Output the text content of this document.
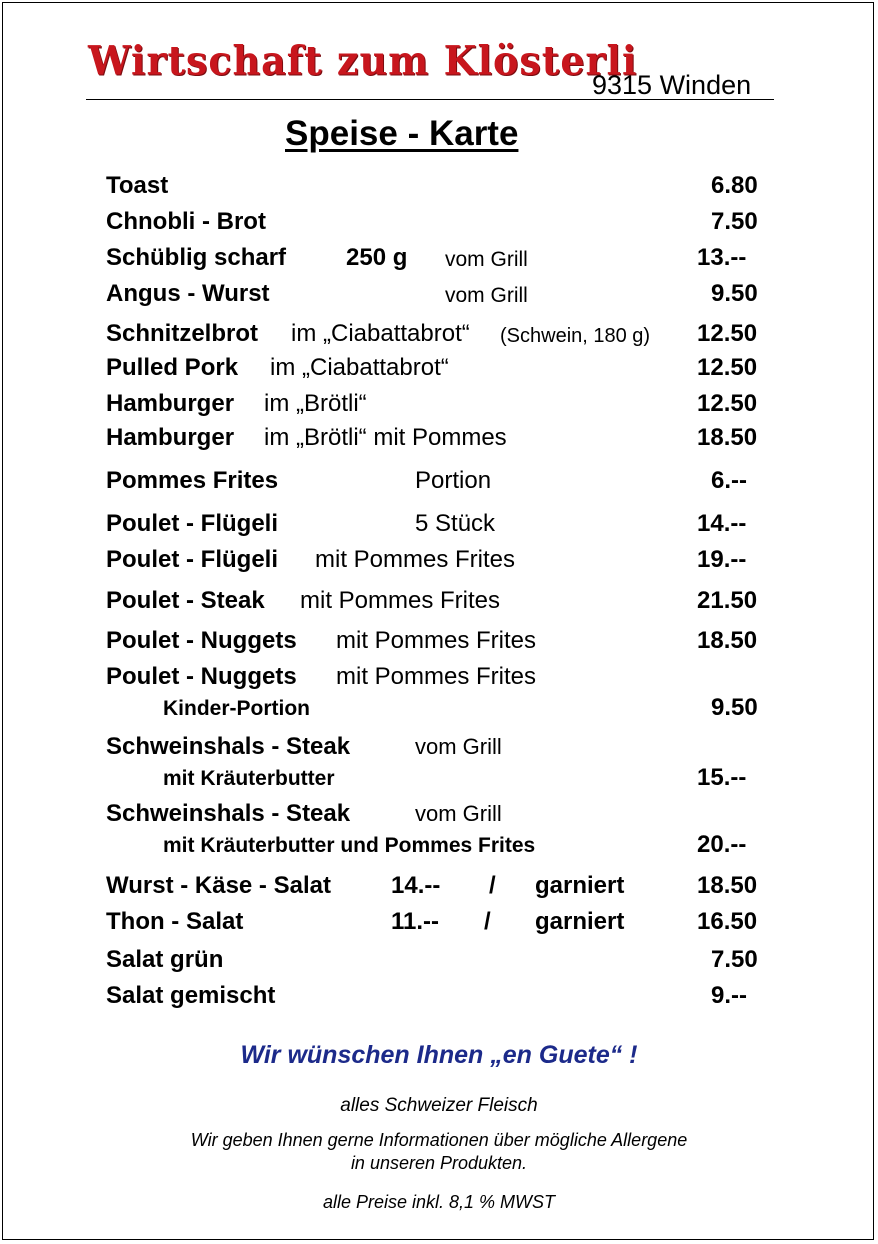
Wirtschaft zum Klösterli
9315 Winden
Speise - Karte
Toast	6.80
Chnobli - Brot	7.50
Schüblig scharf 250 g vom Grill	13.--
Angus - Wurst	vom Grill	9.50
Schnitzelbrot im „Ciabattabrot“ (Schwein, 180 g) 12.50
Pulled Pork im „Ciabattabrot“	12.50
Hamburger im „Brötli“	12.50
Hamburger im „Brötli“ mit Pommes	18.50
Pommes Frites	Portion	6.--
Poulet - Flügeli	5 Stück	14.--
Poulet - Flügeli mit Pommes Frites	19.--
Poulet - Steak mit Pommes Frites	21.50
Poulet - Nuggets mit Pommes Frites	18.50
Poulet - Nuggets mit Pommes Frites
Kinder-Portion	9.50
Schweinshals - Steak	vom Grill
mit Kräuterbutter	15.--
Schweinshals - Steak	vom Grill
mit Kräuterbutter und Pommes Frites	20.--
Wurst - Käse - Salat	14.-- / garniert	18.50
Thon - Salat	11.-- / garniert	16.50
Salat grün	7.50
Salat gemischt	9.--
Wir wünschen Ihnen „en Guete“ !
alles Schweizer Fleisch
Wir geben Ihnen gerne Informationen über mögliche Allergene
in unseren Produkten.
alle Preise inkl. 8,1 % MWST
